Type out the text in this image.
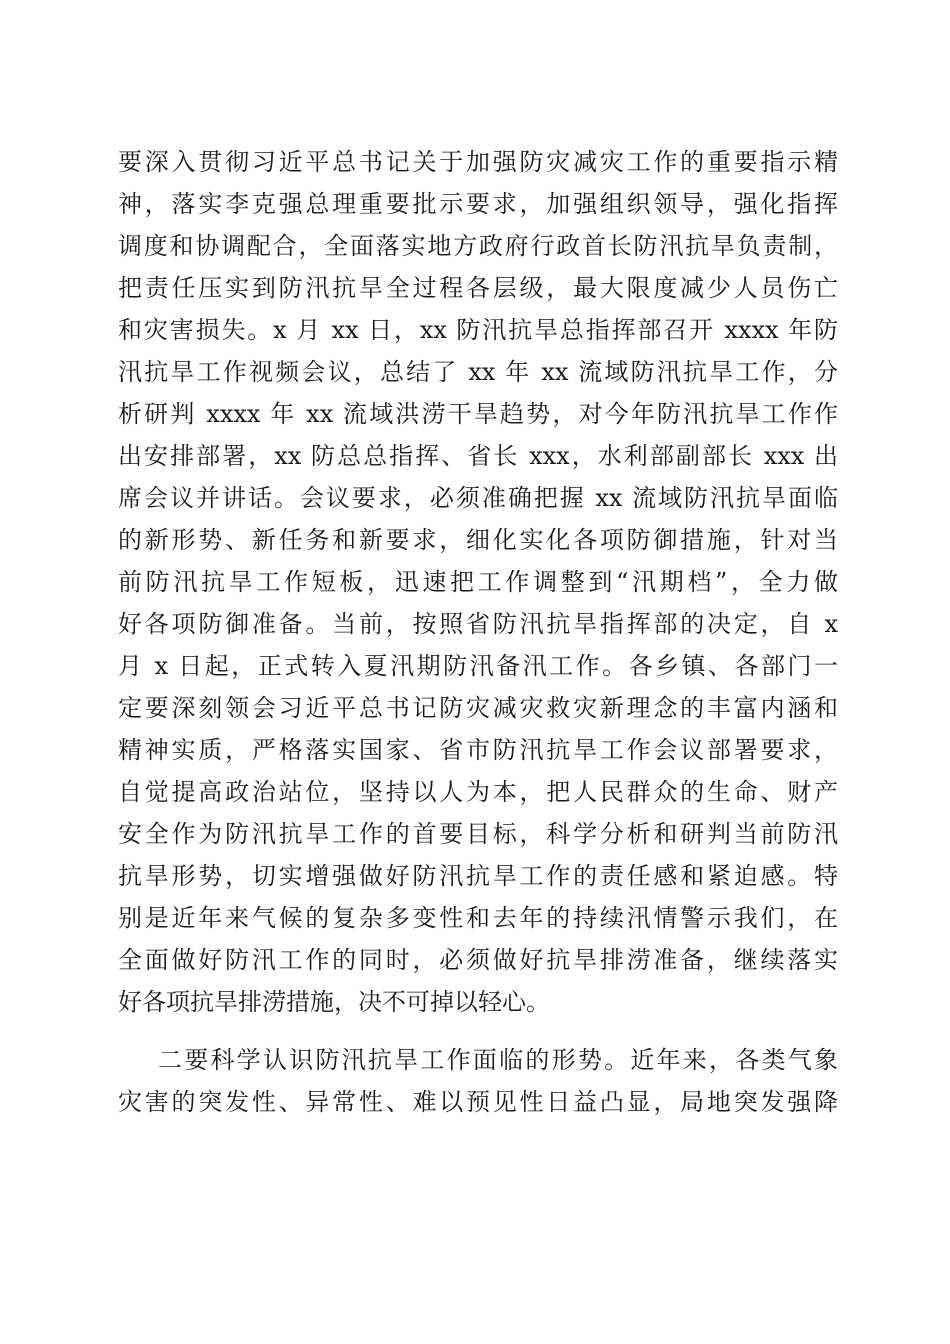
要深入贯彻习近平总书记关于加强防灾减灾工作的重要指示精
神，落实李克强总理重要批示要求，加强组织领导，强化指挥
调度和协调配合，全面落实地方政府行政首长防汛抗旱负责制，
把责任压实到防汛抗旱全过程各层级，最大限度减少人员伤亡
和灾害损失。x 月 xx 日，xx 防汛抗旱总指挥部召开 xxxx 年防
汛抗旱工作视频会议，总结了 xx 年 xx 流域防汛抗旱工作，分
析研判 xxxx 年 xx 流域洪涝干旱趋势，对今年防汛抗旱工作作
出安排部署，xx 防总总指挥、省长 xxx，水利部副部长 xxx 出
席会议并讲话。会议要求，必须准确把握 xx 流域防汛抗旱面临
的新形势、新任务和新要求，细化实化各项防御措施，针对当
前防汛抗旱工作短板，迅速把工作调整到“汛期档”，全力做
好各项防御准备。当前，按照省防汛抗旱指挥部的决定，自 x
月 x 日起，正式转入夏汛期防汛备汛工作。各乡镇、各部门一
定要深刻领会习近平总书记防灾减灾救灾新理念的丰富内涵和
精神实质，严格落实国家、省市防汛抗旱工作会议部署要求，
自觉提高政治站位，坚持以人为本，把人民群众的生命、财产
安全作为防汛抗旱工作的首要目标，科学分析和研判当前防汛
抗旱形势，切实增强做好防汛抗旱工作的责任感和紧迫感。特
别是近年来气候的复杂多变性和去年的持续汛情警示我们，在
全面做好防汛工作的同时，必须做好抗旱排涝准备，继续落实
好各项抗旱排涝措施，决不可掉以轻心。
二要科学认识防汛抗旱工作面临的形势。近年来，各类气象
灾害的突发性、异常性、难以预见性日益凸显，局地突发强降
